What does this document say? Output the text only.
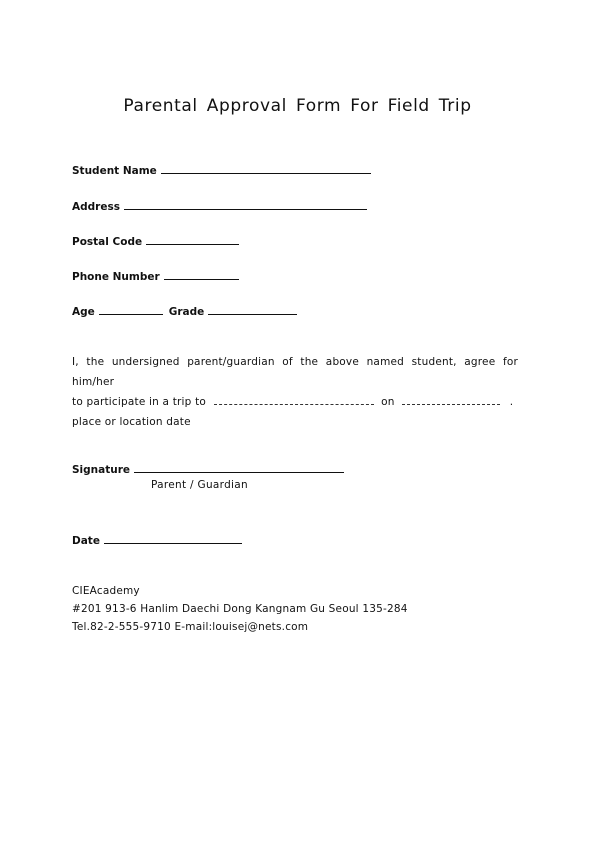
Parental Approval Form For Field Trip
Student Name
Address
Postal Code
Phone Number
Age	Grade
I, the undersigned parent/guardian of the above named student, agree for him/her
to participate in a trip to	on	.
place or location date
Signature
Parent / Guardian
Date
CIEAcademy
#201 913-6 Hanlim Daechi Dong Kangnam Gu Seoul 135-284
Tel.82-2-555-9710 E-mail:louisej@nets.com
